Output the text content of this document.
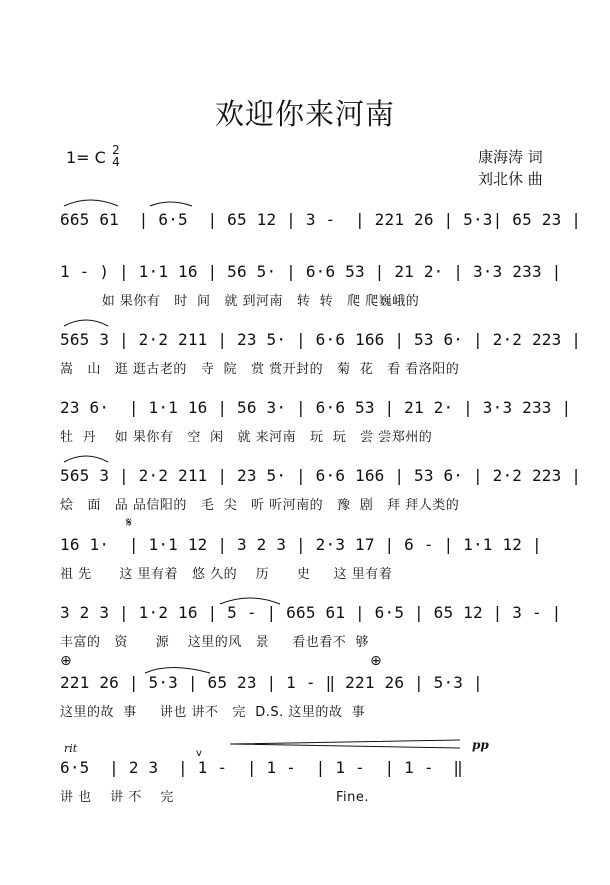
欢迎你来河南
1= C 2
4	康海涛 词
刘北休 曲
665 61  | 6·5  | 65 12 | 3 -  | 221 26 | 5·3| 65 23 |
1 - ) | 1·1 16 | 56 5· | 6·6 53 | 21 2· | 3·3 233 |
如 果你有   时  间   就 到河南   转  转   爬 爬巍峨的
565 3 | 2·2 211 | 23 5· | 6·6 166 | 53 6· | 2·2 223 |
嵩   山   逛 逛古老的   寺  院   赏 赏开封的   菊  花   看 看洛阳的
23 6·  | 1·1 16 | 56 3· | 6·6 53 | 21 2· | 3·3 233 |
牡  丹    如 果你有   空  闲   就 来河南   玩  玩   尝 尝郑州的
565 3 | 2·2 211 | 23 5· | 6·6 166 | 53 6· | 2·2 223 |
烩   面   品 品信阳的   毛  尖   听 听河南的   豫  剧   拜 拜人类的
𝄋
16 1·  | 1·1 12 | 3 2 3 | 2·3 17 | 6 - | 1·1 12 |
祖 先      这 里有着   悠 久的    历      史     这 里有着
3 2 3 | 1·2 16 | 5 - | 665 61 | 6·5 | 65 12 | 3 - |
丰富的   资      源    这里的风   景     看也看不  够
⊕	⊕
221 26 | 5·3 | 65 23 | 1 - ‖ 221 26 | 5·3 |
这里的故  事     讲也 讲不   完  D.S. 这里的故  事
rit	pp
v
6·5  | 2 3  | 1 -  | 1 -  | 1 -  | 1 -  ‖
讲 也    讲 不    完                                   Fine.
